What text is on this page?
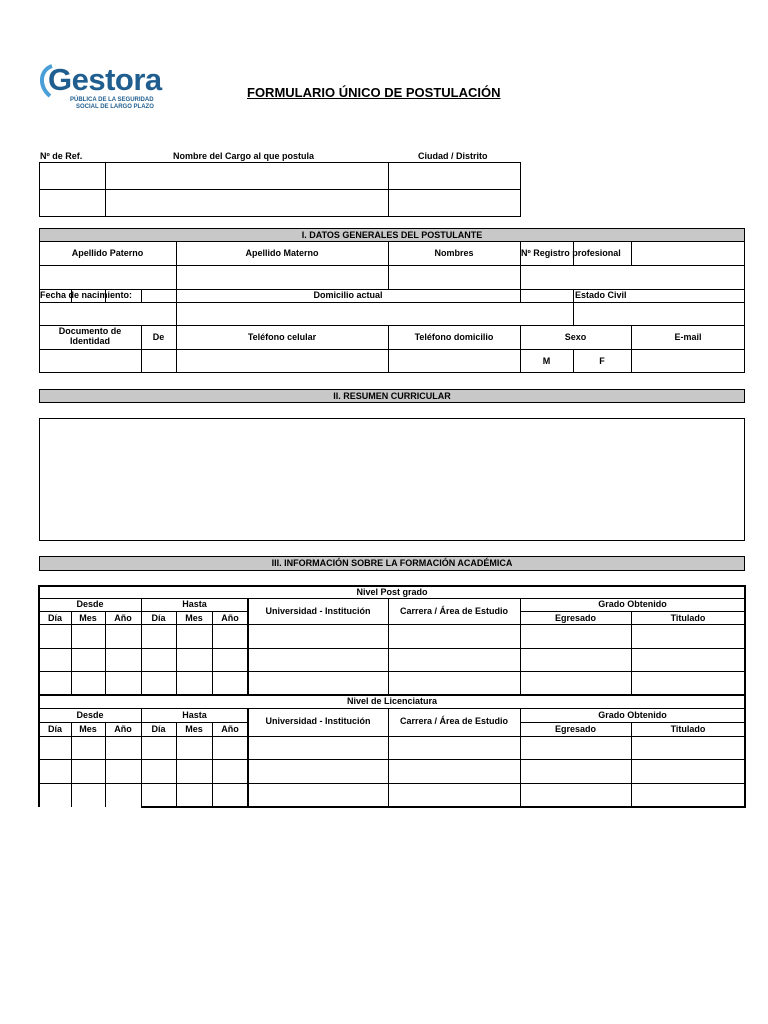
Gestora
PÚBLICA DE LA SEGURIDAD
SOCIAL DE LARGO PLAZO
FORMULARIO ÚNICO DE POSTULACIÓN
Nº de Ref.	Nombre del Cargo al que postula	Ciudad / Distrito
I. DATOS GENERALES DEL POSTULANTE
Apellido Paterno	Apellido Materno	Nombres	Nº Registro profesional
Fecha de nacimiento:	Domicilio actual	Estado Civil
Documento de Identidad	De	Teléfono celular	Teléfono domicilio	Sexo	E-mail
M	F
II. RESUMEN CURRICULAR
III. INFORMACIÓN SOBRE LA FORMACIÓN ACADÉMICA
Nivel Post grado
Desde	Hasta
Universidad - Institución	Carrera / Área de Estudio
Grado Obtenido
Día	Mes	Año	Día	Mes	Año	Egresado	Titulado
Nivel de Licenciatura
Desde	Hasta
Universidad - Institución	Carrera / Área de Estudio
Grado Obtenido
Día	Mes	Año	Día	Mes	Año	Egresado	Titulado
